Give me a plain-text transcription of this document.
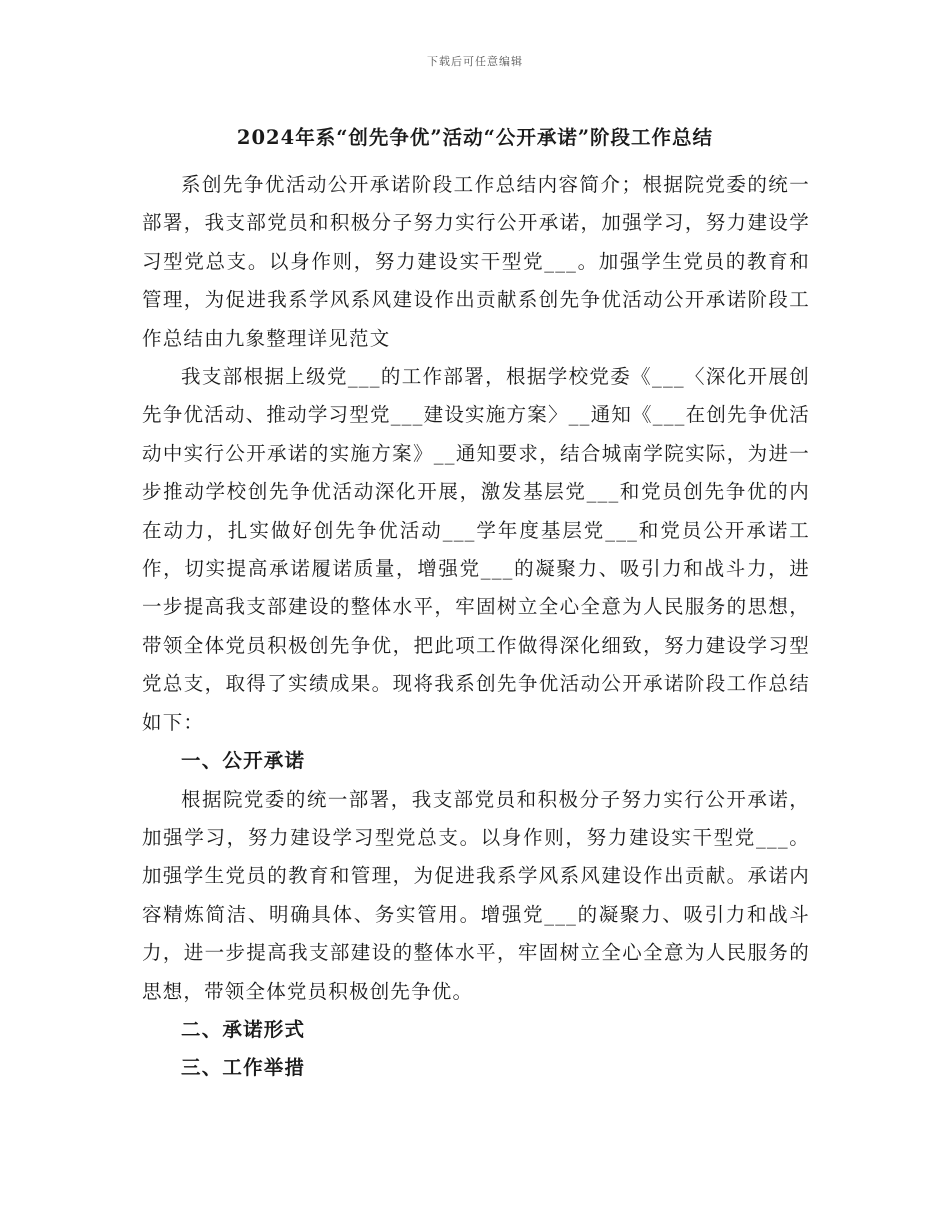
下载后可任意编辑
2024年系“创先争优”活动“公开承诺”阶段工作总结

系创先争优活动公开承诺阶段工作总结内容简介；根据院党委的统一部署，我支部党员和积极分子努力实行公开承诺，加强学习，努力建设学习型党总支。以身作则，努力建设实干型党___。加强学生党员的教育和管理，为促进我系学风系风建设作出贡献系创先争优活动公开承诺阶段工作总结由九象整理详见范文

我支部根据上级党___的工作部署，根据学校党委《___〈深化开展创先争优活动、推动学习型党___建设实施方案〉__通知《___在创先争优活动中实行公开承诺的实施方案》__通知要求，结合城南学院实际，为进一步推动学校创先争优活动深化开展，激发基层党___和党员创先争优的内在动力，扎实做好创先争优活动___学年度基层党___和党员公开承诺工作，切实提高承诺履诺质量，增强党___的凝聚力、吸引力和战斗力，进一步提高我支部建设的整体水平，牢固树立全心全意为人民服务的思想，带领全体党员积极创先争优，把此项工作做得深化细致，努力建设学习型党总支，取得了实绩成果。现将我系创先争优活动公开承诺阶段工作总结如下：

一、公开承诺

根据院党委的统一部署，我支部党员和积极分子努力实行公开承诺，加强学习，努力建设学习型党总支。以身作则，努力建设实干型党___。加强学生党员的教育和管理，为促进我系学风系风建设作出贡献。承诺内容精炼简洁、明确具体、务实管用。增强党___的凝聚力、吸引力和战斗力，进一步提高我支部建设的整体水平，牢固树立全心全意为人民服务的思想，带领全体党员积极创先争优。

二、承诺形式

三、工作举措
